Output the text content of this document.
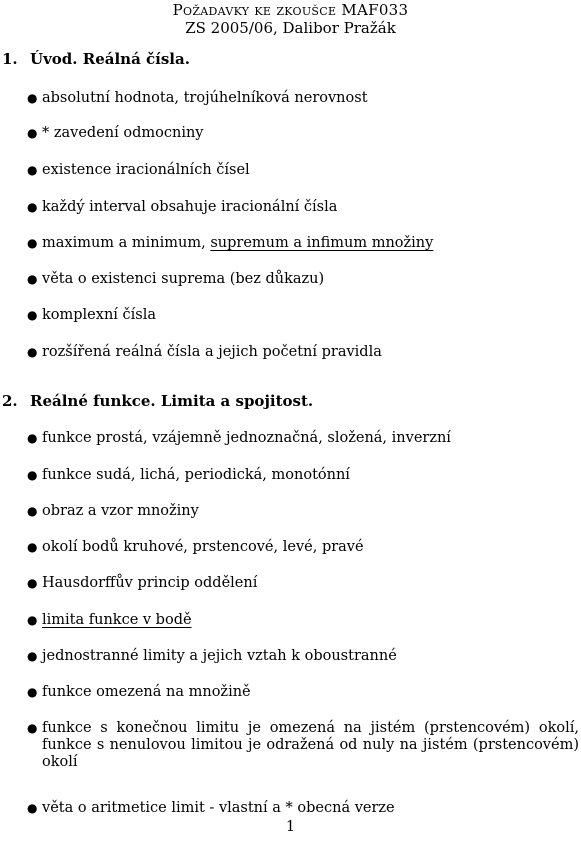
Požadavky ke zkoušce MAF033
ZS 2005/06, Dalibor Pražák
1. Úvod. Reálná čísla.
● absolutní hodnota, trojúhelníková nerovnost
● * zavedení odmocniny
● existence iracionálních čísel
● každý interval obsahuje iracionální čísla
● maximum a minimum, supremum a infimum množiny
● věta o existenci suprema (bez důkazu)
● komplexní čísla
● rozšířená reálná čísla a jejich početní pravidla
2. Reálné funkce. Limita a spojitost.
● funkce prostá, vzájemně jednoznačná, složená, inverzní
● funkce sudá, lichá, periodická, monotónní
● obraz a vzor množiny
● okolí bodů kruhové, prstencové, levé, pravé
● Hausdorffův princip oddělení
● limita funkce v bodě
● jednostranné limity a jejich vztah k oboustranné
● funkce omezená na množině
● funkce s konečnou limitu je omezená na jistém (prstencovém) okolí, funkce s nenulovou limitou je odražená od nuly na jistém (prstencovém) okolí
● věta o aritmetice limit - vlastní a * obecná verze
1
